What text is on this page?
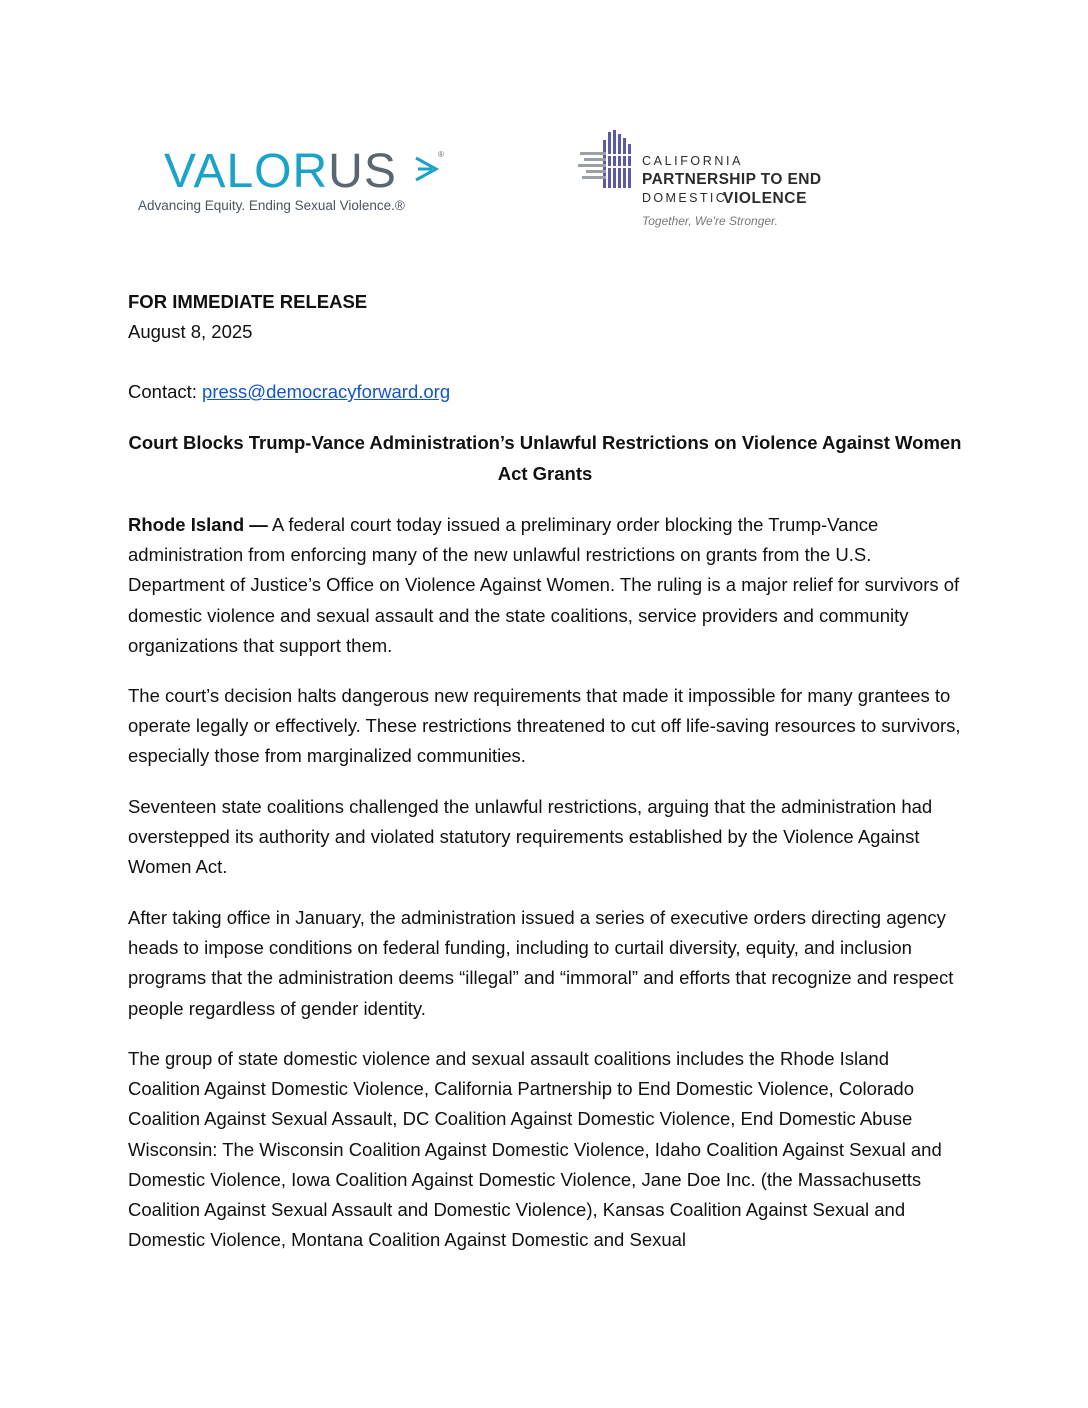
VALORUS	®
Advancing Equity. Ending Sexual Violence.®
CALIFORNIA
PARTNERSHIP TO END
DOMESTIC
VIOLENCE
Together, We're Stronger.
FOR IMMEDIATE RELEASE
August 8, 2025
Contact: press@democracyforward.org
Court Blocks Trump-Vance Administration’s Unlawful Restrictions on Violence Against Women Act Grants

Rhode Island — A federal court today issued a preliminary order blocking the Trump-Vance administration from enforcing many of the new unlawful restrictions on grants from the U.S. Department of Justice’s Office on Violence Against Women. The ruling is a major relief for survivors of domestic violence and sexual assault and the state coalitions, service providers and community organizations that support them.

The court’s decision halts dangerous new requirements that made it impossible for many grantees to operate legally or effectively. These restrictions threatened to cut off life-saving resources to survivors, especially those from marginalized communities.

Seventeen state coalitions challenged the unlawful restrictions, arguing that the administration had overstepped its authority and violated statutory requirements established by the Violence Against Women Act.

After taking office in January, the administration issued a series of executive orders directing agency heads to impose conditions on federal funding, including to curtail diversity, equity, and inclusion programs that the administration deems “illegal” and “immoral” and efforts that recognize and respect people regardless of gender identity.

The group of state domestic violence and sexual assault coalitions includes the Rhode Island Coalition Against Domestic Violence, California Partnership to End Domestic Violence, Colorado Coalition Against Sexual Assault, DC Coalition Against Domestic Violence, End Domestic Abuse Wisconsin: The Wisconsin Coalition Against Domestic Violence, Idaho Coalition Against Sexual and Domestic Violence, Iowa Coalition Against Domestic Violence, Jane Doe Inc. (the Massachusetts Coalition Against Sexual Assault and Domestic Violence), Kansas Coalition Against Sexual and Domestic Violence, Montana Coalition Against Domestic and Sexual
